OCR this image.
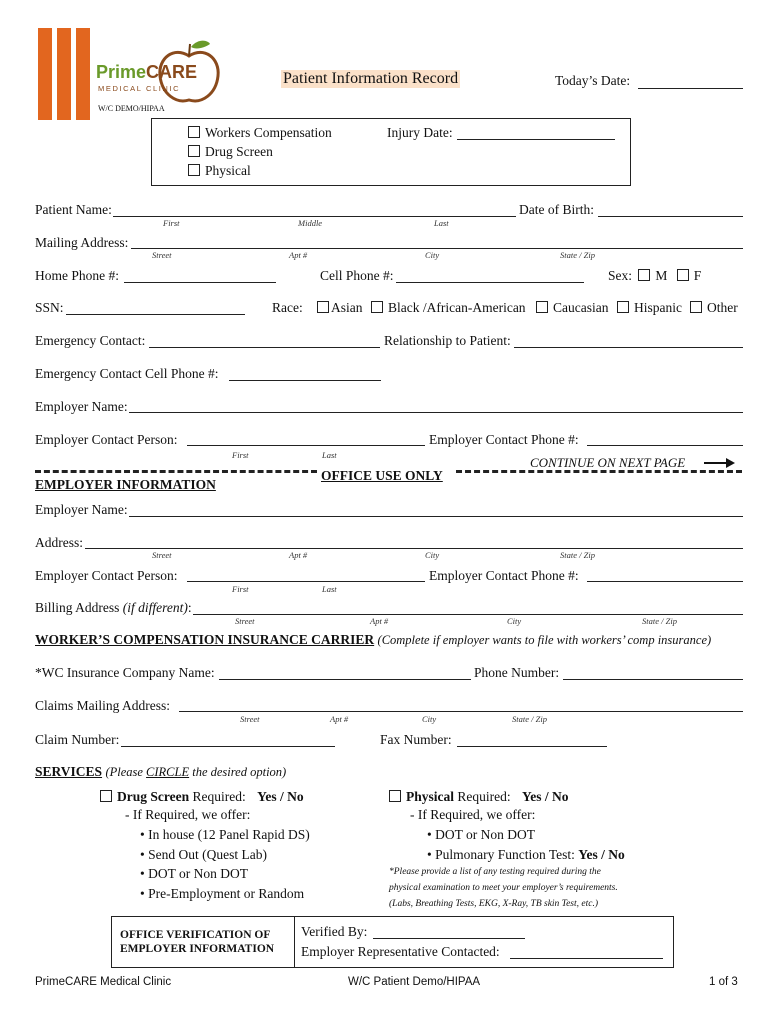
PrimeCARE
MEDICAL CLINIC
Patient Information Record	Today’s Date:
W/C DEMO/HIPAA
Workers Compensation
Drug Screen
Physical
Injury Date:
Patient Name:
First	Middle	Last
Date of Birth:
Mailing Address:
Street	Apt #	City	State / Zip
Home Phone #:	Cell Phone #:	Sex: M F
SSN:	Race:	Asian	Black /African-American	Caucasian	Hispanic	Other
Emergency Contact:	Relationship to Patient:
Emergency Contact Cell Phone #:
Employer Name:
Employer Contact Person:
First	Last
Employer Contact Phone #:
CONTINUE ON NEXT PAGE
OFFICE USE ONLY
EMPLOYER INFORMATION
Employer Name:
Address:
Street	Apt #	City	State / Zip
Employer Contact Person:
First	Last
Employer Contact Phone #:
Billing Address (if different):
Street	Apt #	City	State / Zip
WORKER’S COMPENSATION INSURANCE CARRIER (Complete if employer wants to file with workers’ comp insurance)
*WC Insurance Company Name:	Phone Number:
Claims Mailing Address:
Street	Apt #	City	State / Zip
Claim Number:	Fax Number:
SERVICES (Please CIRCLE the desired option)
Drug Screen Required: Yes / No
- If Required, we offer:
• In house (12 Panel Rapid DS)
• Send Out (Quest Lab)
• DOT or Non DOT
• Pre-Employment or Random
Physical Required: Yes / No
- If Required, we offer:
• DOT or Non DOT
• Pulmonary Function Test: Yes / No
*Please provide a list of any testing required during the
physical examination to meet your employer’s requirements.
(Labs, Breathing Tests, EKG, X-Ray, TB skin Test, etc.)
OFFICE VERIFICATION OF
EMPLOYER INFORMATION
Verified By:
Employer Representative Contacted:
PrimeCARE Medical Clinic	W/C Patient Demo/HIPAA	1 of 3
